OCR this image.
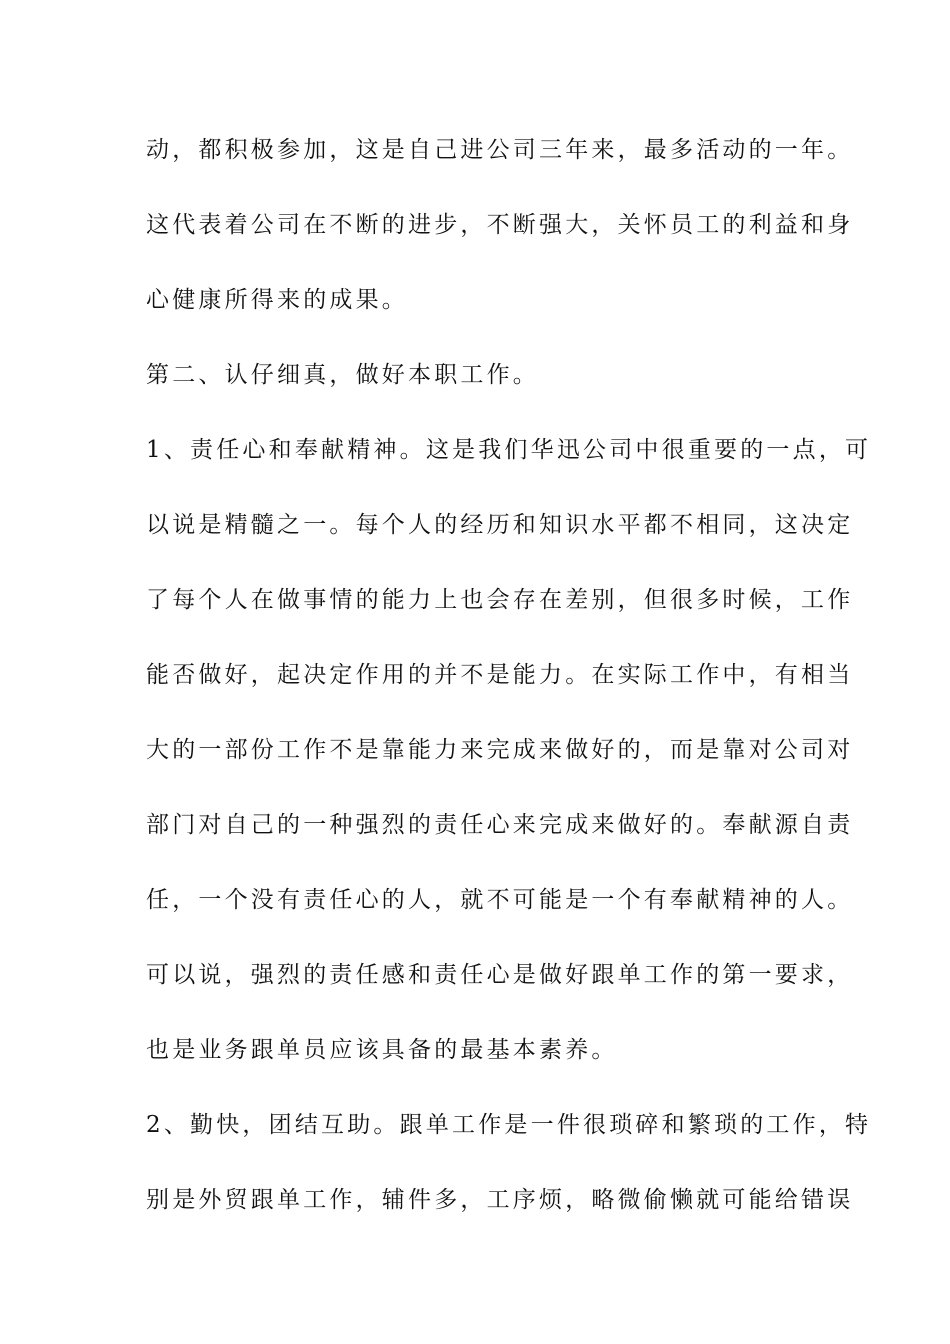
动，都积极参加，这是自己进公司三年来，最多活动的一年。
这代表着公司在不断的进步，不断强大，关怀员工的利益和身
心健康所得来的成果。
第二、认仔细真，做好本职工作。
1、责任心和奉献精神。这是我们华迅公司中很重要的一点，可
以说是精髓之一。每个人的经历和知识水平都不相同，这决定
了每个人在做事情的能力上也会存在差别，但很多时候，工作
能否做好，起决定作用的并不是能力。在实际工作中，有相当
大的一部份工作不是靠能力来完成来做好的，而是靠对公司对
部门对自己的一种强烈的责任心来完成来做好的。奉献源自责
任，一个没有责任心的人，就不可能是一个有奉献精神的人。
可以说，强烈的责任感和责任心是做好跟单工作的第一要求，
也是业务跟单员应该具备的最基本素养。
2、勤快，团结互助。跟单工作是一件很琐碎和繁琐的工作，特
别是外贸跟单工作，辅件多，工序烦，略微偷懒就可能给错误
